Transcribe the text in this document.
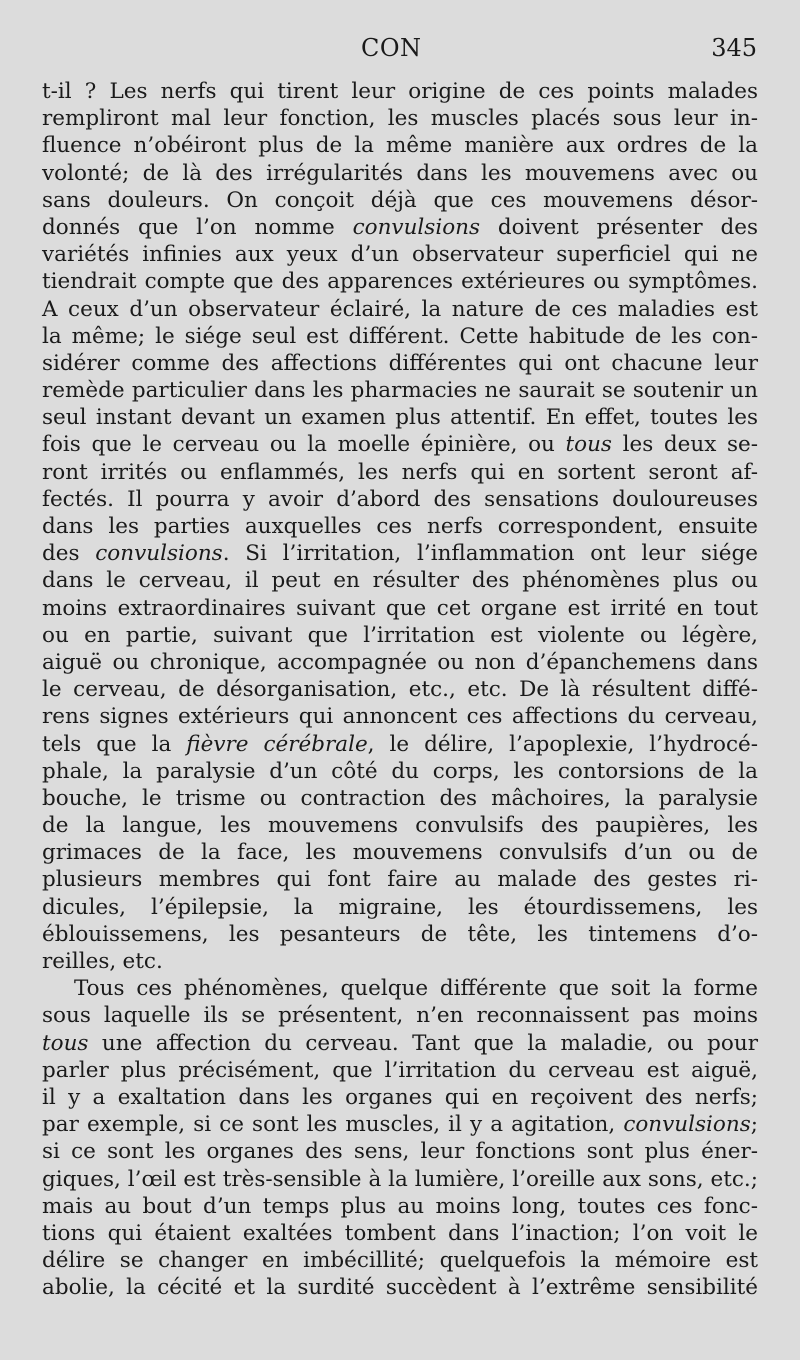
CON	345
t-il ? Les nerfs qui tirent leur origine de ces points malades
rempliront mal leur fonction, les muscles placés sous leur in-
fluence n’obéiront plus de la même manière aux ordres de la
volonté; de là des irrégularités dans les mouvemens avec ou
sans douleurs. On conçoit déjà que ces mouvemens désor-
donnés que l’on nomme convulsions doivent présenter des
variétés infinies aux yeux d’un observateur superficiel qui ne
tiendrait compte que des apparences extérieures ou symptômes.
A ceux d’un observateur éclairé, la nature de ces maladies est
la même; le siége seul est différent. Cette habitude de les con-
sidérer comme des affections différentes qui ont chacune leur
remède particulier dans les pharmacies ne saurait se soutenir un
seul instant devant un examen plus attentif. En effet, toutes les
fois que le cerveau ou la moelle épinière, ou tous les deux se-
ront irrités ou enflammés, les nerfs qui en sortent seront af-
fectés. Il pourra y avoir d’abord des sensations douloureuses
dans les parties auxquelles ces nerfs correspondent, ensuite
des convulsions. Si l’irritation, l’inflammation ont leur siége
dans le cerveau, il peut en résulter des phénomènes plus ou
moins extraordinaires suivant que cet organe est irrité en tout
ou en partie, suivant que l’irritation est violente ou légère,
aiguë ou chronique, accompagnée ou non d’épanchemens dans
le cerveau, de désorganisation, etc., etc. De là résultent diffé-
rens signes extérieurs qui annoncent ces affections du cerveau,
tels que la fièvre cérébrale, le délire, l’apoplexie, l’hydrocé-
phale, la paralysie d’un côté du corps, les contorsions de la
bouche, le trisme ou contraction des mâchoires, la paralysie
de la langue, les mouvemens convulsifs des paupières, les
grimaces de la face, les mouvemens convulsifs d’un ou de
plusieurs membres qui font faire au malade des gestes ri-
dicules, l’épilepsie, la migraine, les étourdissemens, les
éblouissemens, les pesanteurs de tête, les tintemens d’o-
reilles, etc.
Tous ces phénomènes, quelque différente que soit la forme
sous laquelle ils se présentent, n’en reconnaissent pas moins
tous une affection du cerveau. Tant que la maladie, ou pour
parler plus précisément, que l’irritation du cerveau est aiguë,
il y a exaltation dans les organes qui en reçoivent des nerfs;
par exemple, si ce sont les muscles, il y a agitation, convulsions;
si ce sont les organes des sens, leur fonctions sont plus éner-
giques, l’œil est très-sensible à la lumière, l’oreille aux sons, etc.;
mais au bout d’un temps plus au moins long, toutes ces fonc-
tions qui étaient exaltées tombent dans l’inaction; l’on voit le
délire se changer en imbécillité; quelquefois la mémoire est
abolie, la cécité et la surdité succèdent à l’extrême sensibilité
